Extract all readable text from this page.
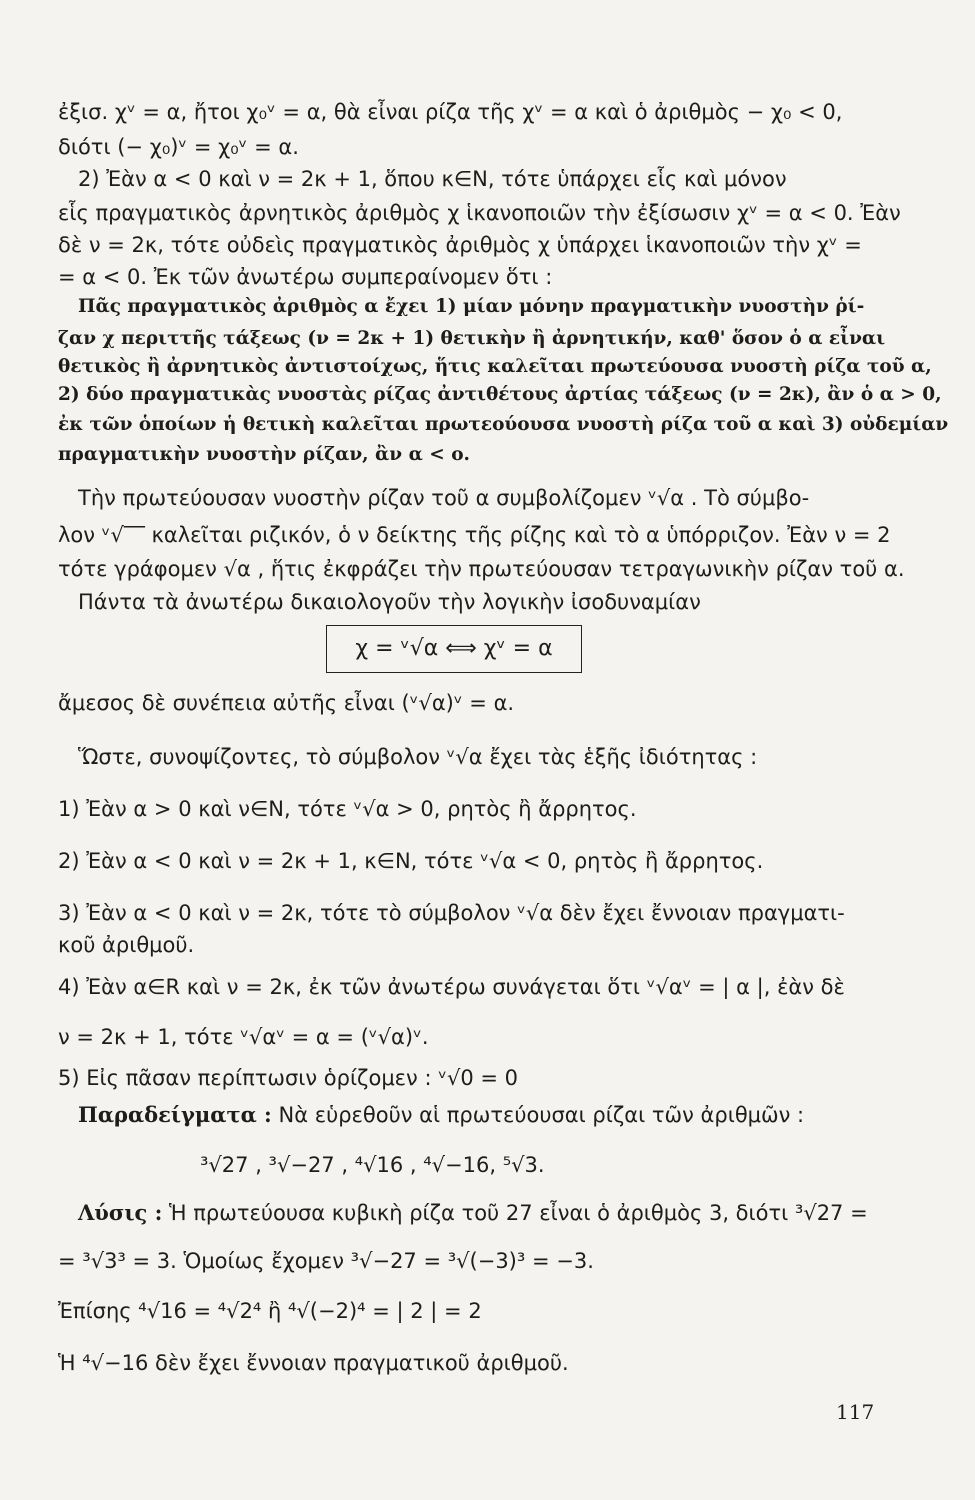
ἐξισ. χᵛ = α, ἤτοι χ₀ᵛ = α, θὰ εἶναι ρίζα τῆς χᵛ = α καὶ ὁ ἀριθμὸς − χ₀ < 0,
διότι (− χ₀)ᵛ = χ₀ᵛ = α.
2) Ἐὰν α < 0 καὶ ν = 2κ + 1, ὅπου κ∈N, τότε ὑπάρχει εἷς καὶ μόνον
εἷς πραγματικὸς ἀρνητικὸς ἀριθμὸς χ ἱκανοποιῶν τὴν ἐξίσωσιν χᵛ = α < 0. Ἐὰν
δὲ ν = 2κ, τότε οὐδεὶς πραγματικὸς ἀριθμὸς χ ὑπάρχει ἱκανοποιῶν τὴν χᵛ =
= α < 0. Ἐκ τῶν ἀνωτέρω συμπεραίνομεν ὅτι :
Πᾶς πραγματικὸς ἀριθμὸς α ἔχει 1) μίαν μόνην πραγματικὴν νυοστὴν ῥί-
ζαν χ περιττῆς τάξεως (ν = 2κ + 1) θετικὴν ἢ ἀρνητικήν, καθ' ὅσον ὁ α εἶναι
θετικὸς ἢ ἀρνητικὸς ἀντιστοίχως, ἥτις καλεῖται πρωτεύουσα νυοστὴ ρίζα τοῦ α,
2) δύο πραγματικὰς νυοστὰς ρίζας ἀντιθέτους ἀρτίας τάξεως (ν = 2κ), ἂν ὁ α > 0,
ἐκ τῶν ὁποίων ἡ θετικὴ καλεῖται πρωτεούουσα νυοστὴ ρίζα τοῦ α καὶ 3) οὐδεμίαν
πραγματικὴν νυοστὴν ρίζαν, ἂν α < ο.
Τὴν πρωτεύουσαν νυοστὴν ρίζαν τοῦ α συμβολίζομεν ᵛ√α . Τὸ σύμβο-
λον ᵛ√‾‾ καλεῖται ριζικόν, ὁ ν δείκτης τῆς ρίζης καὶ τὸ α ὑπόρριζον. Ἐὰν ν = 2
τότε γράφομεν √α , ἥτις ἐκφράζει τὴν πρωτεύουσαν τετραγωνικὴν ρίζαν τοῦ α.
Πάντα τὰ ἀνωτέρω δικαιολογοῦν τὴν λογικὴν ἰσοδυναμίαν
χ = ᵛ√α ⟺ χᵛ = α
ἄμεσος δὲ συνέπεια αὐτῆς εἶναι (ᵛ√α)ᵛ = α.
Ὥστε, συνοψίζοντες, τὸ σύμβολον ᵛ√α ἔχει τὰς ἑξῆς ἰδιότητας :
1) Ἐὰν α > 0 καὶ ν∈N, τότε ᵛ√α > 0, ρητὸς ἢ ἄρρητος.
2) Ἐὰν α < 0 καὶ ν = 2κ + 1, κ∈N, τότε ᵛ√α < 0, ρητὸς ἢ ἄρρητος.
3) Ἐὰν α < 0 καὶ ν = 2κ, τότε τὸ σύμβολον ᵛ√α δὲν ἔχει ἔννοιαν πραγματι-
κοῦ ἀριθμοῦ.
4) Ἐὰν α∈R καὶ ν = 2κ, ἐκ τῶν ἀνωτέρω συνάγεται ὅτι ᵛ√αᵛ = | α |, ἐὰν δὲ
ν = 2κ + 1, τότε ᵛ√αᵛ = α = (ᵛ√α)ᵛ.
5) Εἰς πᾶσαν περίπτωσιν ὁρίζομεν : ᵛ√0 = 0
Παραδείγματα : Νὰ εὑρεθοῦν αἱ πρωτεύουσαι ρίζαι τῶν ἀριθμῶν :
³√27 , ³√−27 , ⁴√16 , ⁴√−16, ⁵√3.
Λύσις : Ἡ πρωτεύουσα κυβικὴ ρίζα τοῦ 27 εἶναι ὁ ἀριθμὸς 3, διότι ³√27 =
= ³√3³ = 3. Ὁμοίως ἔχομεν ³√−27 = ³√(−3)³ = −3.
Ἐπίσης ⁴√16 = ⁴√2⁴ ἢ ⁴√(−2)⁴ = | 2 | = 2
Ἡ ⁴√−16 δὲν ἔχει ἔννοιαν πραγματικοῦ ἀριθμοῦ.
117
